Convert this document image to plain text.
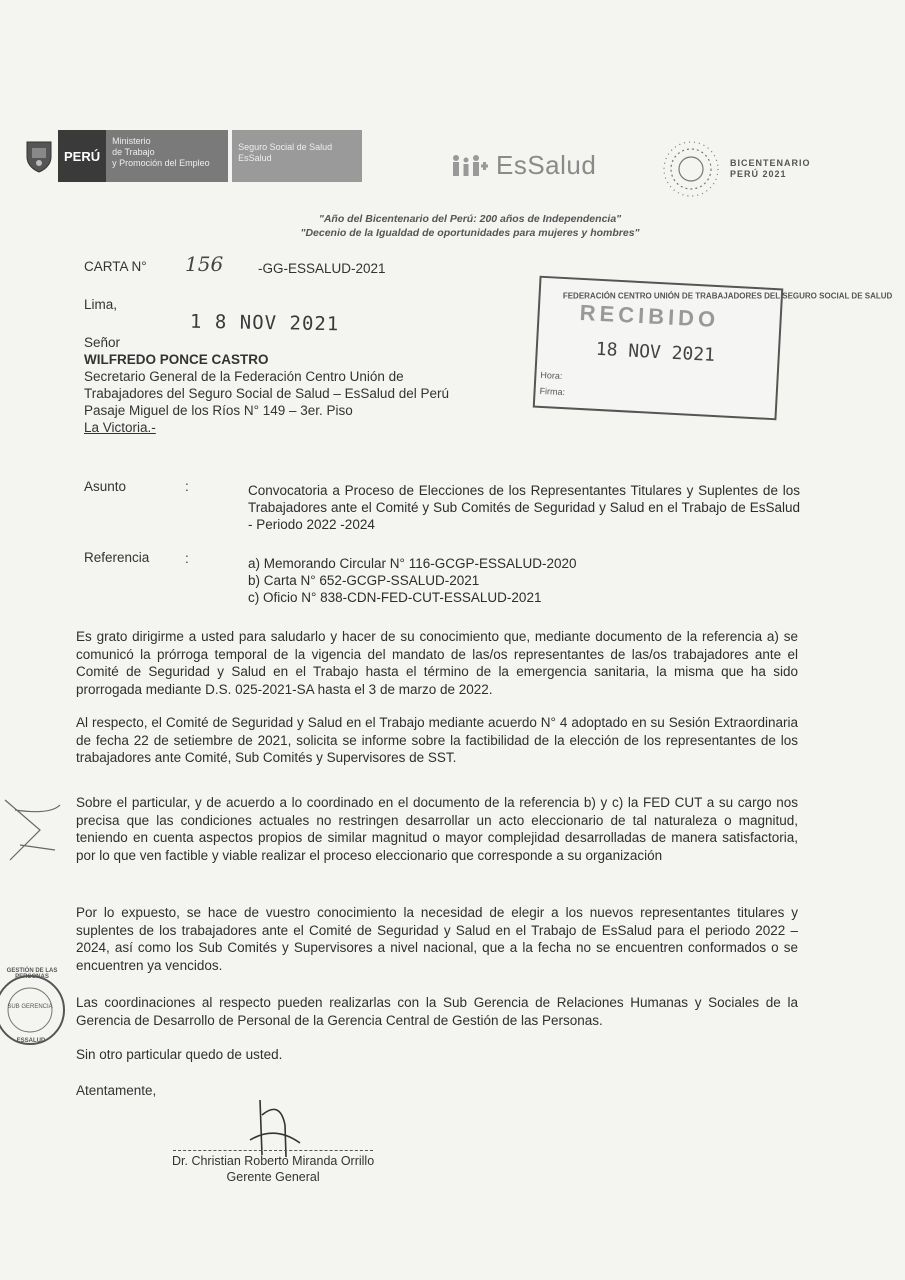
PERÚ
Ministerio
de Trabajo
y Promoción del Empleo
Seguro Social de Salud
EsSalud	EsSalud	BICENTENARIO
PERÚ 2021
"Año del Bicentenario del Perú: 200 años de Independencia"
"Decenio de la Igualdad de oportunidades para mujeres y hombres"
CARTA N° 156	-GG-ESSALUD-2021
Lima,
1 8 NOV 2021
Señor
WILFREDO PONCE CASTRO
Secretario General de la Federación Centro Unión de
Trabajadores del Seguro Social de Salud – EsSalud del Perú
Pasaje Miguel de los Ríos N° 149 – 3er. Piso
La Victoria.-
FEDERACIÓN CENTRO UNIÓN DE TRABAJADORES DEL SEGURO SOCIAL DE SALUD
RECIBIDO
18 NOV 2021
Hora:
Firma:
Asunto	:	Convocatoria a Proceso de Elecciones de los Representantes Titulares y Suplentes de los Trabajadores ante el Comité y Sub Comités de Seguridad y Salud en el Trabajo de EsSalud - Periodo 2022 -2024
Referencia	:	a) Memorando Circular N° 116-GCGP-ESSALUD-2020
b) Carta N° 652-GCGP-SSALUD-2021
c) Oficio N° 838-CDN-FED-CUT-ESSALUD-2021
Es grato dirigirme a usted para saludarlo y hacer de su conocimiento que, mediante documento de la referencia a) se comunicó la prórroga temporal de la vigencia del mandato de las/os representantes de las/os trabajadores ante el Comité de Seguridad y Salud en el Trabajo hasta el término de la emergencia sanitaria, la misma que ha sido prorrogada mediante D.S. 025-2021-SA hasta el 3 de marzo de 2022.
Al respecto, el Comité de Seguridad y Salud en el Trabajo mediante acuerdo N° 4 adoptado en su Sesión Extraordinaria de fecha 22 de setiembre de 2021, solicita se informe sobre la factibilidad de la elección de los representantes de los trabajadores ante Comité, Sub Comités y Supervisores de SST.
Sobre el particular, y de acuerdo a lo coordinado en el documento de la referencia b) y c) la FED CUT a su cargo nos precisa que las condiciones actuales no restringen desarrollar un acto eleccionario de tal naturaleza o magnitud, teniendo en cuenta aspectos propios de similar magnitud o mayor complejidad desarrolladas de manera satisfactoria, por lo que ven factible y viable realizar el proceso eleccionario que corresponde a su organización
Por lo expuesto, se hace de vuestro conocimiento la necesidad de elegir a los nuevos representantes titulares y suplentes de los trabajadores ante el Comité de Seguridad y Salud en el Trabajo de EsSalud para el periodo 2022 – 2024, así como los Sub Comités y Supervisores a nivel nacional, que a la fecha no se encuentren conformados o se encuentren ya vencidos.
Las coordinaciones al respecto pueden realizarlas con la Sub Gerencia de Relaciones Humanas y Sociales de la Gerencia de Desarrollo de Personal de la Gerencia Central de Gestión de las Personas.
Sin otro particular quedo de usted.
Atentamente,
Dr. Christian Roberto Miranda Orrillo
Gerente General
GESTIÓN DE LAS PERSONAS
SUB GERENCIA
ESSALUD
